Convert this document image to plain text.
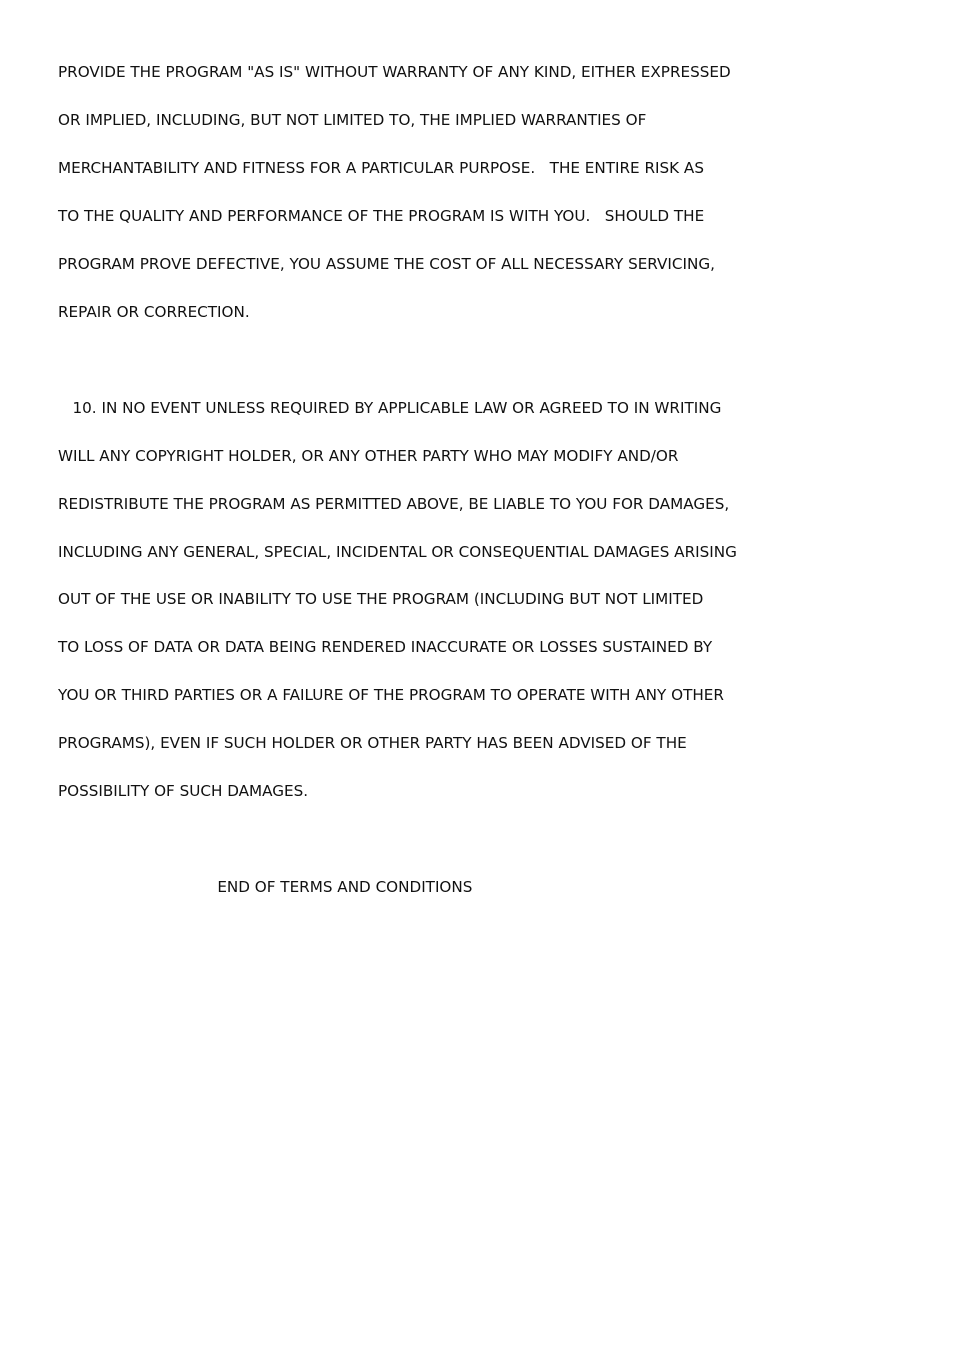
PROVIDE THE PROGRAM "AS IS" WITHOUT WARRANTY OF ANY KIND, EITHER EXPRESSED
OR IMPLIED, INCLUDING, BUT NOT LIMITED TO, THE IMPLIED WARRANTIES OF
MERCHANTABILITY AND FITNESS FOR A PARTICULAR PURPOSE.   THE ENTIRE RISK AS
TO THE QUALITY AND PERFORMANCE OF THE PROGRAM IS WITH YOU.   SHOULD THE
PROGRAM PROVE DEFECTIVE, YOU ASSUME THE COST OF ALL NECESSARY SERVICING,
REPAIR OR CORRECTION.
10. IN NO EVENT UNLESS REQUIRED BY APPLICABLE LAW OR AGREED TO IN WRITING
WILL ANY COPYRIGHT HOLDER, OR ANY OTHER PARTY WHO MAY MODIFY AND/OR
REDISTRIBUTE THE PROGRAM AS PERMITTED ABOVE, BE LIABLE TO YOU FOR DAMAGES,
INCLUDING ANY GENERAL, SPECIAL, INCIDENTAL OR CONSEQUENTIAL DAMAGES ARISING
OUT OF THE USE OR INABILITY TO USE THE PROGRAM (INCLUDING BUT NOT LIMITED
TO LOSS OF DATA OR DATA BEING RENDERED INACCURATE OR LOSSES SUSTAINED BY
YOU OR THIRD PARTIES OR A FAILURE OF THE PROGRAM TO OPERATE WITH ANY OTHER
PROGRAMS), EVEN IF SUCH HOLDER OR OTHER PARTY HAS BEEN ADVISED OF THE
POSSIBILITY OF SUCH DAMAGES.
END OF TERMS AND CONDITIONS
